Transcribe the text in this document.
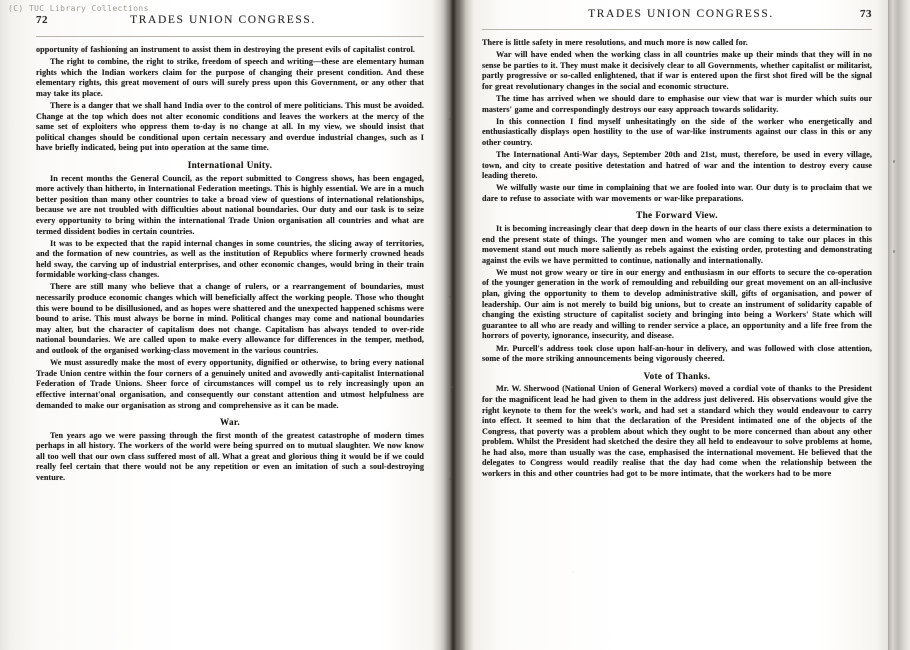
(C) TUC Library Collections
72	TRADES UNION CONGRESS.

opportunity of fashioning an instrument to assist them in destroying the present evils of capitalist control.

The right to combine, the right to strike, freedom of speech and writing—these are elementary human rights which the Indian workers claim for the purpose of changing their present condition. And these elementary rights, this great movement of ours will surely press upon this Government, or any other that may take its place.

There is a danger that we shall hand India over to the control of mere politicians. This must be avoided. Change at the top which does not alter economic conditions and leaves the workers at the mercy of the same set of exploiters who oppress them to-day is no change at all. In my view, we should insist that political changes should be conditional upon certain necessary and overdue industrial changes, such as I have briefly indicated, being put into operation at the same time.

International Unity.

In recent months the General Council, as the report submitted to Congress shows, has been engaged, more actively than hitherto, in International Federation meetings. This is highly essential. We are in a much better position than many other countries to take a broad view of questions of international relationships, because we are not troubled with difficulties about national boundaries. Our duty and our task is to seize every opportunity to bring within the international Trade Union organisation all countries and what are termed dissident bodies in certain countries.

It was to be expected that the rapid internal changes in some countries, the slicing away of territories, and the formation of new countries, as well as the institution of Republics where formerly crowned heads held sway, the carving up of industrial enterprises, and other economic changes, would bring in their train formidable working-class changes.

There are still many who believe that a change of rulers, or a rearrangement of boundaries, must necessarily produce economic changes which will beneficially affect the working people. Those who thought this were bound to be disillusioned, and as hopes were shattered and the unexpected happened schisms were bound to arise. This must always be borne in mind. Political changes may come and national boundaries may alter, but the character of capitalism does not change. Capitalism has always tended to over-ride national boundaries. We are called upon to make every allowance for differences in the temper, method, and outlook of the organised working-class movement in the various countries.

We must assuredly make the most of every opportunity, dignified or otherwise, to bring every national Trade Union centre within the four corners of a genuinely united and avowedly anti-capitalist International Federation of Trade Unions. Sheer force of circumstances will compel us to rely increasingly upon an effective internat'onal organisation, and consequently our constant attention and utmost helpfulness are demanded to make our organisation as strong and comprehensive as it can be made.

War.

Ten years ago we were passing through the first month of the greatest catastrophe of modern times perhaps in all history. The workers of the world were being spurred on to mutual slaughter. We now know all too well that our own class suffered most of all. What a great and glorious thing it would be if we could really feel certain that there would not be any repetition or even an imitation of such a soul-destroying venture.

TRADES UNION CONGRESS.	73

There is little safety in mere resolutions, and much more is now called for.

War will have ended when the working class in all countries make up their minds that they will in no sense be parties to it. They must make it decisively clear to all Governments, whether capitalist or militarist, partly progressive or so-called enlightened, that if war is entered upon the first shot fired will be the signal for great revolutionary changes in the social and economic structure.

The time has arrived when we should dare to emphasise our view that war is murder which suits our masters' game and correspondingly destroys our easy approach towards solidarity.

In this connection I find myself unhesitatingly on the side of the worker who energetically and enthusiastically displays open hostility to the use of war-like instruments against our class in this or any other country.

The International Anti-War days, September 20th and 21st, must, therefore, be used in every village, town, and city to create positive detestation and hatred of war and the intention to destroy every cause leading thereto.

We wilfully waste our time in complaining that we are fooled into war. Our duty is to proclaim that we dare to refuse to associate with war movements or war-like preparations.

The Forward View.

It is becoming increasingly clear that deep down in the hearts of our class there exists a determination to end the present state of things. The younger men and women who are coming to take our places in this movement stand out much more saliently as rebels against the existing order, protesting and demonstrating against the evils we have permitted to continue, nationally and internationally.

We must not grow weary or tire in our energy and enthusiasm in our efforts to secure the co-operation of the younger generation in the work of remoulding and rebuilding our great movement on an all-inclusive plan, giving the opportunity to them to develop administrative skill, gifts of organisation, and power of leadership. Our aim is not merely to build big unions, but to create an instrument of solidarity capable of changing the existing structure of capitalist society and bringing into being a Workers' State which will guarantee to all who are ready and willing to render service a place, an opportunity and a life free from the horrors of poverty, ignorance, insecurity, and disease.

Mr. Purcell's address took close upon half-an-hour in delivery, and was followed with close attention, some of the more striking announcements being vigorously cheered.

Vote of Thanks.

Mr. W. Sherwood (National Union of General Workers) moved a cordial vote of thanks to the President for the magnificent lead he had given to them in the address just delivered. His observations would give the right keynote to them for the week's work, and had set a standard which they would endeavour to carry into effect. It seemed to him that the declaration of the President intimated one of the objects of the Congress, that poverty was a problem about which they ought to be more concerned than about any other problem. Whilst the President had sketched the desire they all held to endeavour to solve problems at home, he had also, more than usually was the case, emphasised the international movement. He believed that the delegates to Congress would readily realise that the day had come when the relationship between the workers in this and other countries had got to be more intimate, that the workers had to be more
